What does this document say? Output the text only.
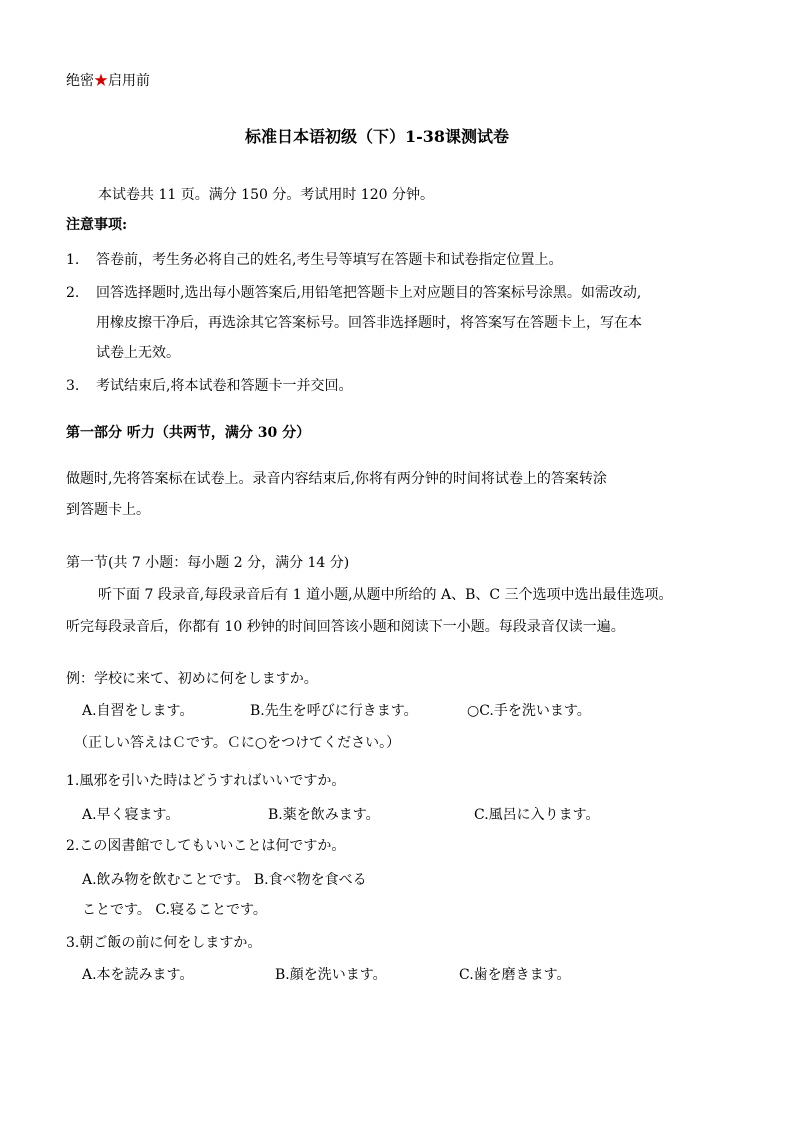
绝密★启用前
标准日本语初级（下）1-38课测试卷
本试卷共 11 页。满分 150 分。考试用时 120 分钟。
注意事项:
1. 答卷前，考生务必将自己的姓名,考生号等填写在答题卡和试卷指定位置上。
2. 回答选择题时,选出每小题答案后,用铅笔把答题卡上对应题目的答案标号涂黑。如需改动,
用橡皮擦干净后，再选涂其它答案标号。回答非选择题时，将答案写在答题卡上，写在本
试卷上无效。
3. 考试结束后,将本试卷和答题卡一并交回。
第一部分 听力（共两节，满分 30 分）
做题时,先将答案标在试卷上。录音内容结束后,你将有两分钟的时间将试卷上的答案转涂
到答题卡上。
第一节(共 7 小题：每小题 2 分，满分 14 分)
听下面 7 段录音,每段录音后有 1 道小题,从题中所给的 A、B、C 三个选项中选出最佳选项。
听完每段录音后，你都有 10 秒钟的时间回答该小题和阅读下一小题。每段录音仅读一遍。
例：学校に来て、初めに何をしますか。
A.自習をします。	B.先生を呼びに行きます。	○C.手を洗います。
（正しい答えはＣです。Ｃに○をつけてください。）
1.風邪を引いた時はどうすればいいですか。
A.早く寝ます。	B.薬を飲みます。	C.風呂に入ります。
2.この図書館でしてもいいことは何ですか。
A.飲み物を飲むことです。 B.食べ物を食べる
ことです。 C.寝ることです。
3.朝ご飯の前に何をしますか。
A.本を読みます。	B.顔を洗います。	C.歯を磨きます。
